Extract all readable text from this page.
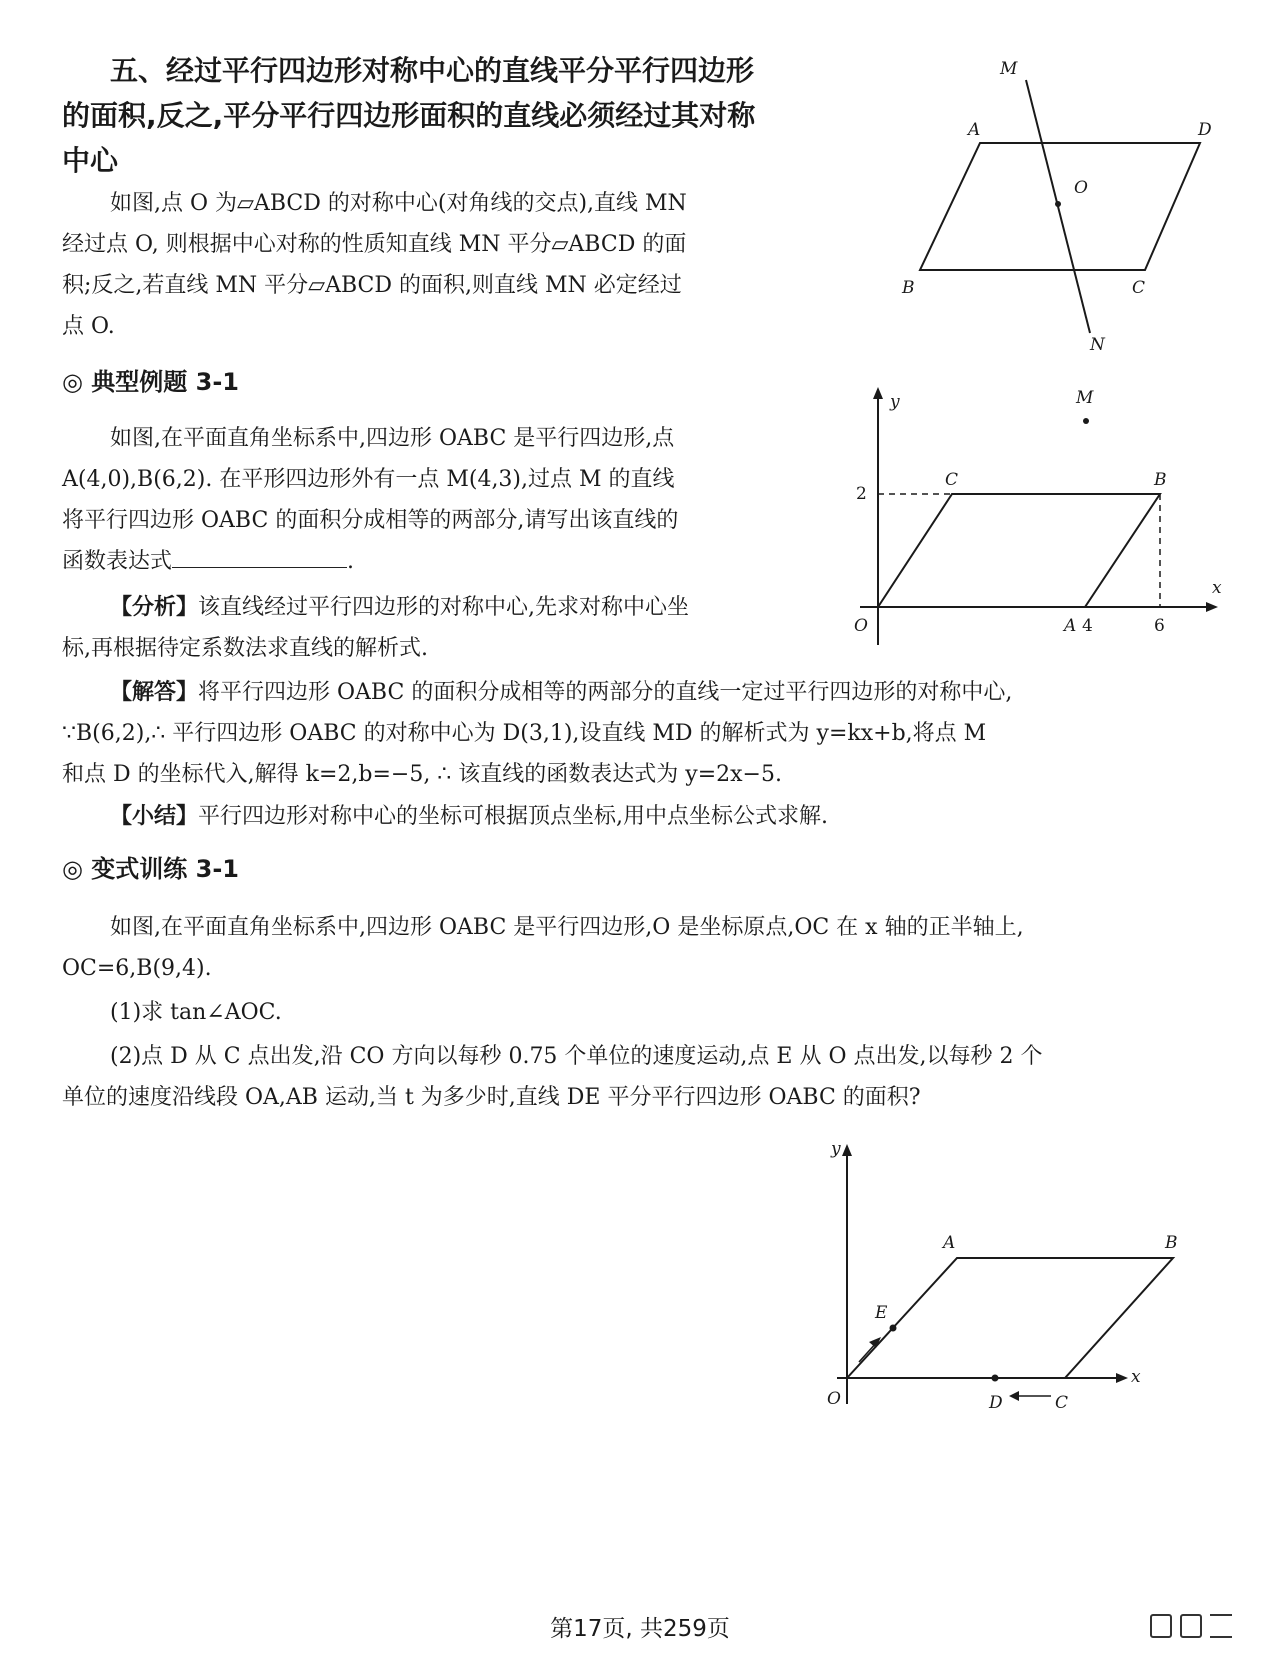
五、经过平行四边形对称中心的直线平分平行四边形
的面积,反之,平分平行四边形面积的直线必须经过其对称
中心
如图,点 O 为▱ABCD 的对称中心(对角线的交点),直线 MN
经过点 O, 则根据中心对称的性质知直线 MN 平分▱ABCD 的面
积;反之,若直线 MN 平分▱ABCD 的面积,则直线 MN 必定经过
点 O.
M
A	D
O
B	C
N
◎ 典型例题 3-1
如图,在平面直角坐标系中,四边形 OABC 是平行四边形,点
A(4,0),B(6,2). 在平形四边形外有一点 M(4,3),过点 M 的直线
将平行四边形 OABC 的面积分成相等的两部分,请写出该直线的
函数表达式	.
【分析】该直线经过平行四边形的对称中心,先求对称中心坐
标,再根据待定系数法求直线的解析式.
【解答】将平行四边形 OABC 的面积分成相等的两部分的直线一定过平行四边形的对称中心,
∵B(6,2),∴ 平行四边形 OABC 的对称中心为 D(3,1),设直线 MD 的解析式为 y=kx+b,将点 M
和点 D 的坐标代入,解得 k=2,b=−5, ∴ 该直线的函数表达式为 y=2x−5.
【小结】平行四边形对称中心的坐标可根据顶点坐标,用中点坐标公式求解.
y	M
C	B
2
x
O	A 4	6
◎ 变式训练 3-1
如图,在平面直角坐标系中,四边形 OABC 是平行四边形,O 是坐标原点,OC 在 x 轴的正半轴上,
OC=6,B(9,4).
(1)求 tan∠AOC.
(2)点 D 从 C 点出发,沿 CO 方向以每秒 0.75 个单位的速度运动,点 E 从 O 点出发,以每秒 2 个
单位的速度沿线段 OA,AB 运动,当 t 为多少时,直线 DE 平分平行四边形 OABC 的面积?
y
A	B
E
O
x
D	C
第17页, 共259页
